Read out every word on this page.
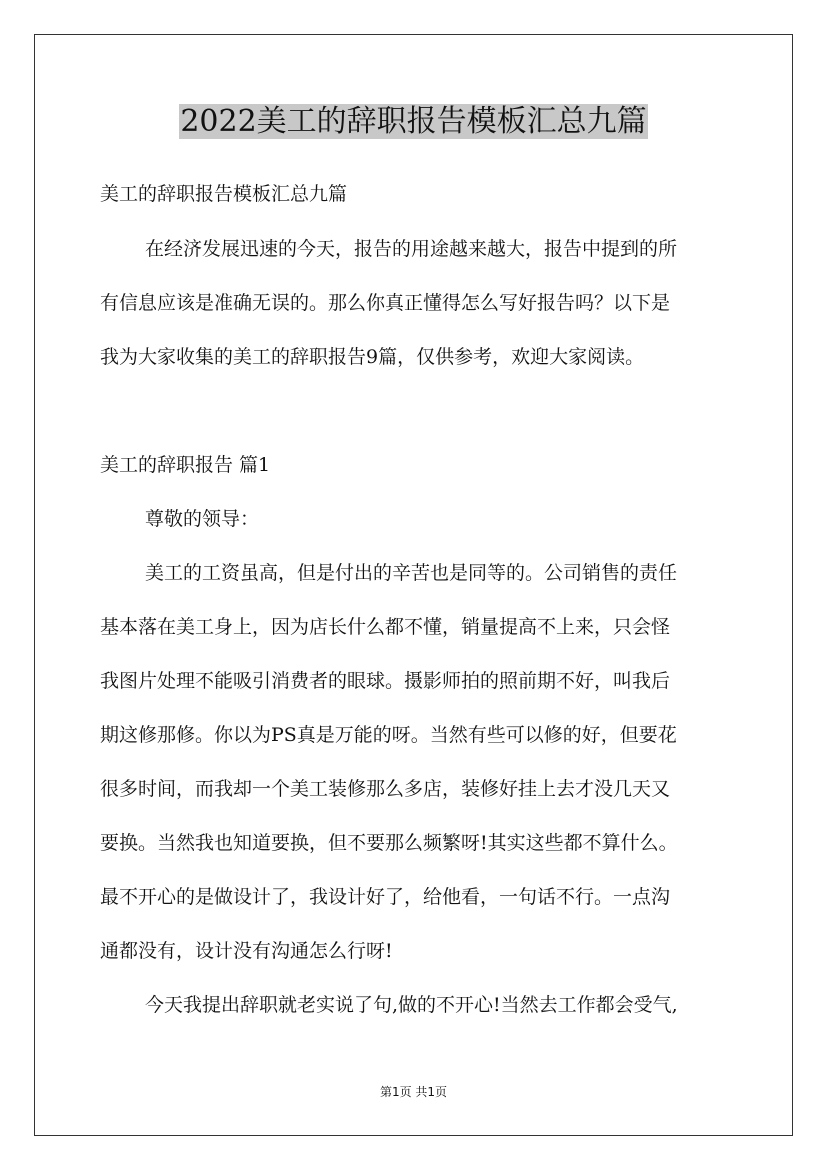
2022美工的辞职报告模板汇总九篇

美工的辞职报告模板汇总九篇

在经济发展迅速的今天，报告的用途越来越大，报告中提到的所

有信息应该是准确无误的。那么你真正懂得怎么写好报告吗？以下是

我为大家收集的美工的辞职报告9篇，仅供参考，欢迎大家阅读。

美工的辞职报告 篇1

尊敬的领导：

美工的工资虽高，但是付出的辛苦也是同等的。公司销售的责任

基本落在美工身上，因为店长什么都不懂，销量提高不上来，只会怪

我图片处理不能吸引消费者的眼球。摄影师拍的照前期不好，叫我后

期这修那修。你以为PS真是万能的呀。当然有些可以修的好，但要花

很多时间，而我却一个美工装修那么多店，装修好挂上去才没几天又

要换。当然我也知道要换，但不要那么频繁呀!其实这些都不算什么。

最不开心的是做设计了，我设计好了，给他看，一句话不行。一点沟

通都没有，设计没有沟通怎么行呀!

今天我提出辞职就老实说了句,做的不开心!当然去工作都会受气,

第1页 共1页
